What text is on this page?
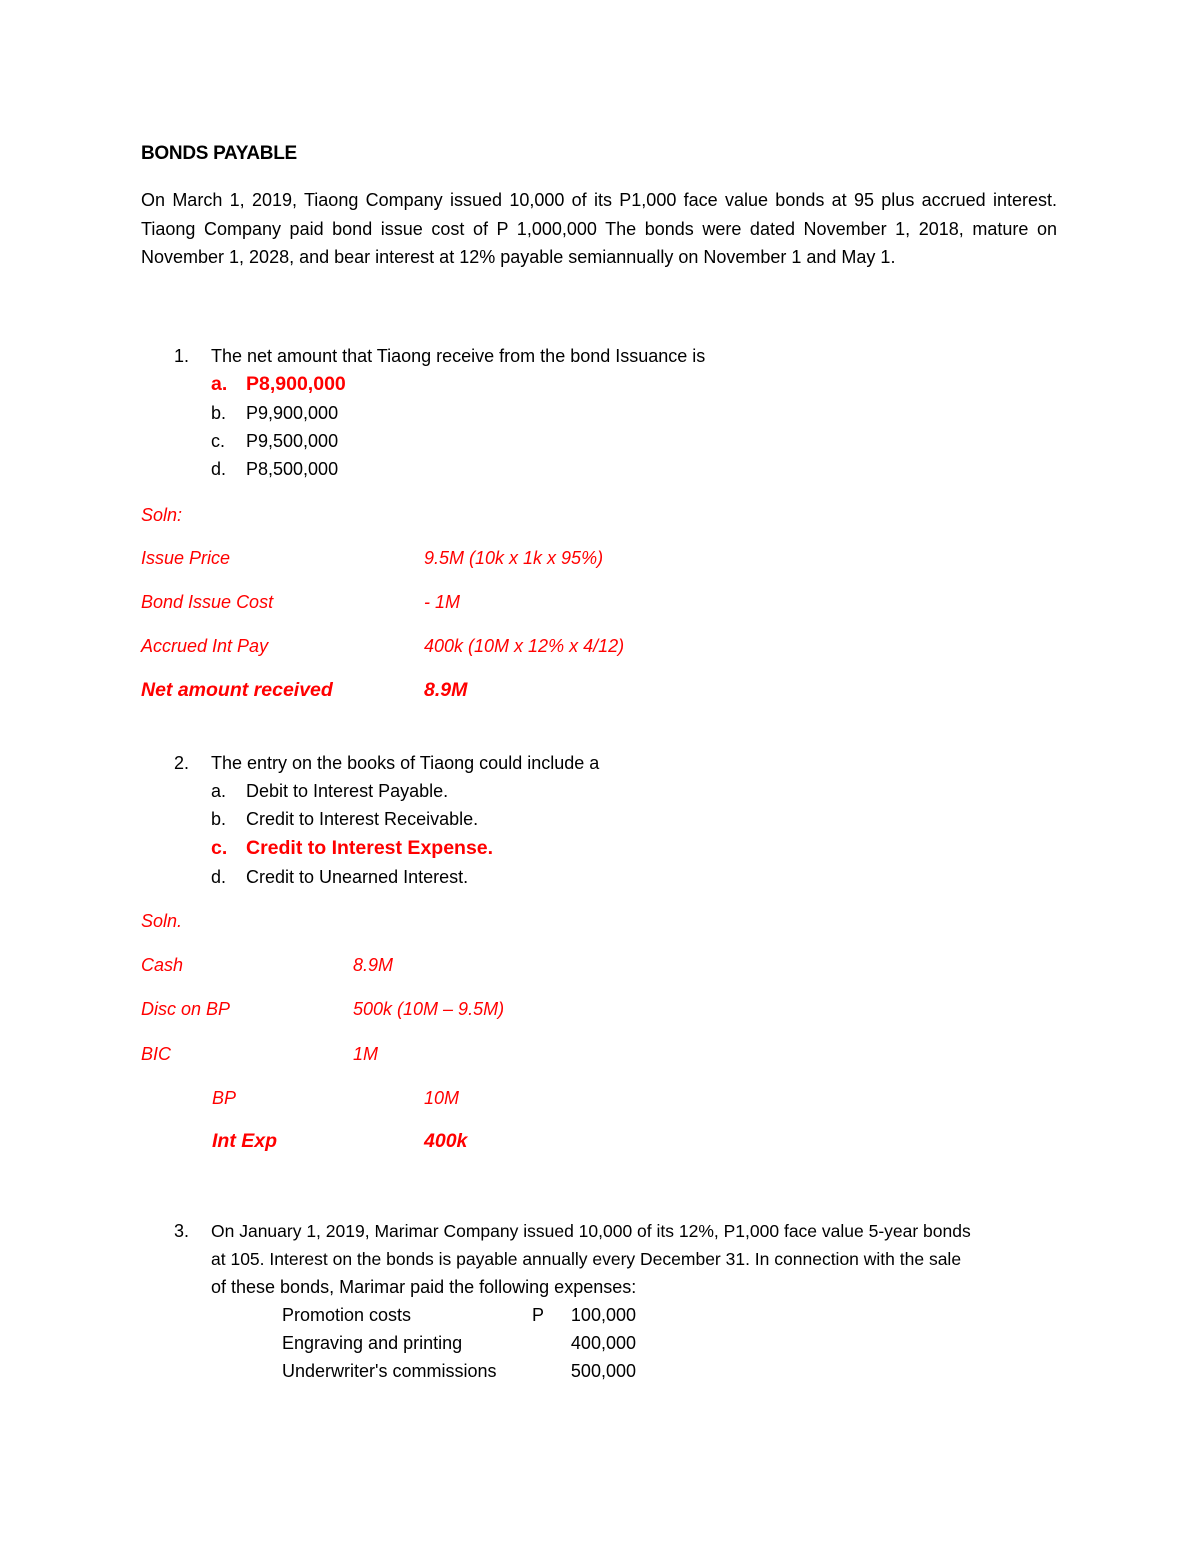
BONDS PAYABLE

On March 1, 2019, Tiaong Company issued 10,000 of its P1,000 face value bonds at 95 plus accrued interest. Tiaong Company paid bond issue cost of P 1,000,000 The bonds were dated November 1, 2018, mature on November 1, 2028, and bear interest at 12% payable semiannually on November 1 and May 1.

1. The net amount that Tiaong receive from the bond Issuance is
a. P8,900,000
b. P9,900,000
c. P9,500,000
d. P8,500,000
Soln:
Issue Price	9.5M (10k x 1k x 95%)
Bond Issue Cost	- 1M
Accrued Int Pay	400k (10M x 12% x 4/12)
Net amount received	8.9M
2. The entry on the books of Tiaong could include a
a. Debit to Interest Payable.
b. Credit to Interest Receivable.
c. Credit to Interest Expense.
d. Credit to Unearned Interest.
Soln.
Cash	8.9M
Disc on BP	500k (10M – 9.5M)
BIC	1M
BP	10M
Int Exp	400k
3. On January 1, 2019, Marimar Company issued 10,000 of its 12%, P1,000 face value 5-year bonds
at 105. Interest on the bonds is payable annually every December 31. In connection with the sale
of these bonds, Marimar paid the following expenses:
Promotion costs	P 100,000
Engraving and printing	400,000
Underwriter's commissions	500,000
